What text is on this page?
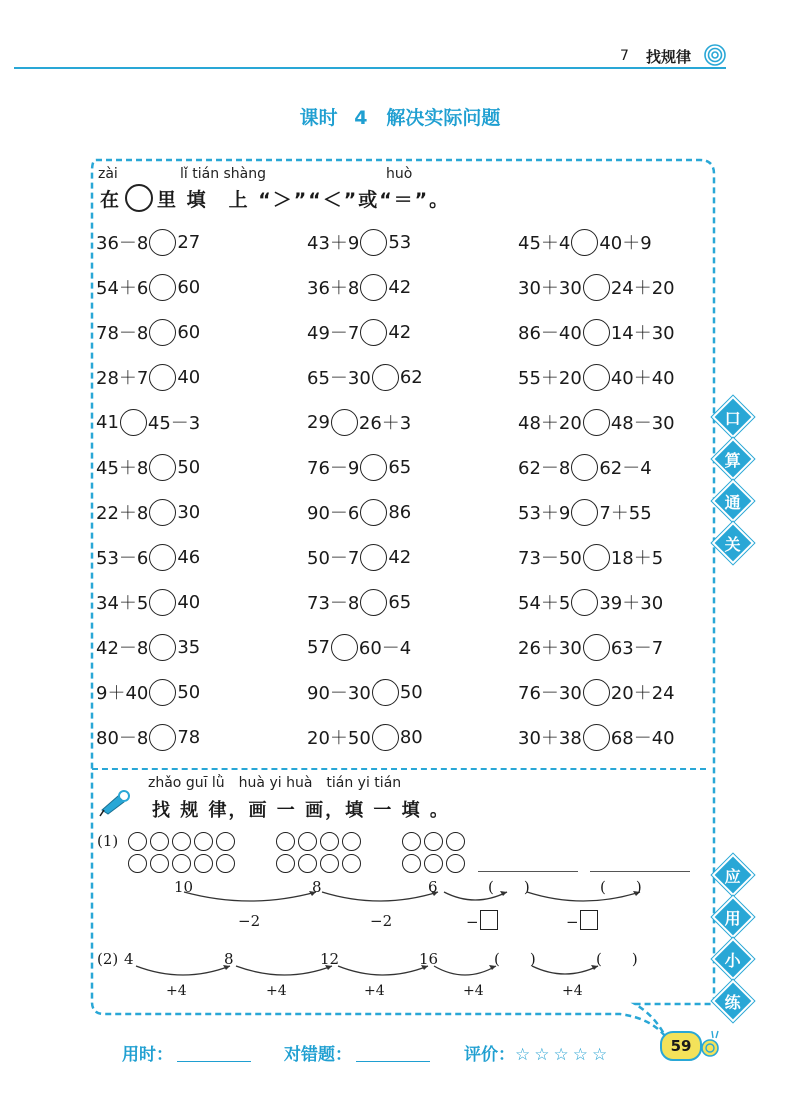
7 找规律
课时 4　解决实际问题
zài	lǐ tián shàng	huò
在 里 填　上 “＞”“＜”或“＝”。
36－8 27	43＋9 53	45＋4 40＋9
54＋6 60	36＋8 42	30＋30 24＋20
78－8 60	49－7 42	86－40 14＋30
28＋7 40	65－30 62	55＋20 40＋40
41 45－3	29 26＋3	48＋20 48－30
45＋8 50	76－9 65	62－8 62－4
22＋8 30	90－6 86	53＋9 7＋55
53－6 46	50－7 42	73－50 18＋5
34＋5 40	73－8 65	54＋5 39＋30
42－8 35	57 60－4	26＋30 63－7
9＋40 50	90－30 50	76－30 20＋24
80－8 78	20＋50 80	30＋38 68－40
口
算
通
关
应
用
小
练
zhǎo guī lǜ　huà yi huà　tián yi tián
找 规 律，画 一 画，填 一 填 。
(1)
10	8	6	(　　)	(　　)
−2	−2	−	−
(2) 4	8	12	16	(　　)	(　　)
+4	+4	+4	+4	+4
用时：	对错题：	评价：☆☆☆☆☆	59
